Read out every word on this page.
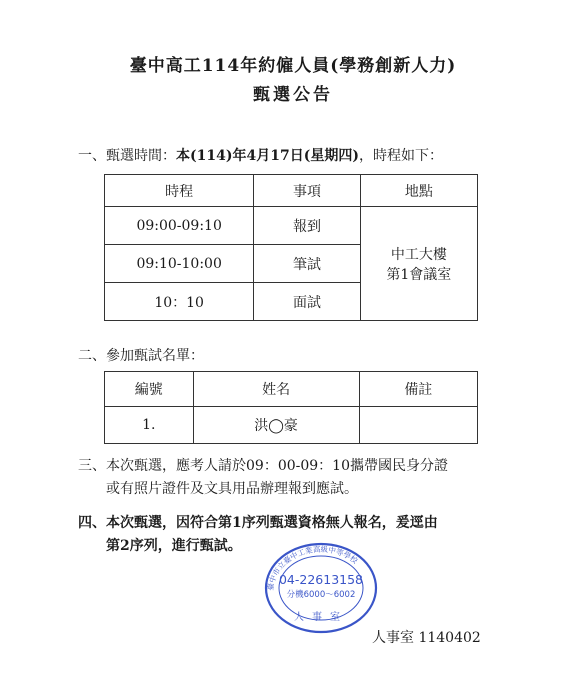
臺中高工114年約僱人員(學務創新人力)
甄選公告
一、甄選時間：本(114)年4月17日(星期四)，時程如下：
時程	事項	地點
09:00-09:10	報到	中工大樓
第1會議室

09:10-10:00	筆試	
10：10	面試	
二、參加甄試名單：
編號	姓名	備註
1.	洪◯豪	
三、本次甄選，應考人請於09：00-09：10攜帶國民身分證
或有照片證件及文具用品辦理報到應試。
四、本次甄選，因符合第1序列甄選資格無人報名，爰逕由
第2序列，進行甄試。
臺中市立臺中工業高級中等學校
04-22613158
分機6000～6002
人事室
人事室 1140402
